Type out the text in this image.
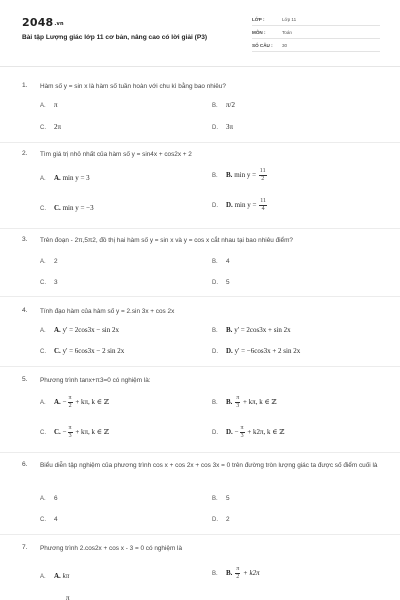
$2048^{.vn}$
Bài tập Lượng giác lớp 11 cơ bản, nâng cao có lời giải (P3)
LỚP :	Lớp 11
MÔN :	Toán
SỐ CÂU : 30
1. Hàm số y = sin x là hàm số tuần hoàn với chu kì bằng bao nhiêu?
A. π	B. π/2
C. 2π	D. 3π
2. Tìm giá trị nhỏ nhất của hàm số y = sin4x + cos2x + 2
A. A. min y = 3	B. B. $\min y = \frac{11}{2}$
C. C. min y = −3	D. D. $\min y = \frac{11}{4}$
3. Trên đoạn - 2π,5π2, đồ thị hai hàm số y = sin x và y = cos x cắt nhau tại bao nhiêu điểm?
A. 2	B. 4
C. 3	D. 5
4. Tính đạo hàm của hàm số y = 2.sin 3x + cos 2x
A. A. y' = 2cos3x − sin 2x	B. B. y' = 2cos3x + sin 2x
C. C. y' = 6cos3x − 2 sin 2x	D. D. y' = −6cos3x + 2 sin 2x
5. Phương trình tanx+π3=0 có nghiệm là:
A. A. − $\frac{\pi}{2} + k\pi$, k ∈ ℤ	B. B. $\frac{\pi}{3} + k\pi$, k ∈ ℤ
C. C. − $\frac{\pi}{3} + k\pi$, k ∈ ℤ	D. D. − $\frac{\pi}{3} + k2\pi$, k ∈ ℤ
6. Biểu diễn tập nghiệm của phương trình cos x + cos 2x + cos 3x = 0 trên đường tròn lượng giác ta được số điểm cuối là
A. 6	B. 5
C. 4	D. 2
7. Phương trình 2.cos2x + cos x - 3 = 0 có nghiệm là
A. A. kπ	B. B. $\frac{\pi}{2} + k2\pi$
π
